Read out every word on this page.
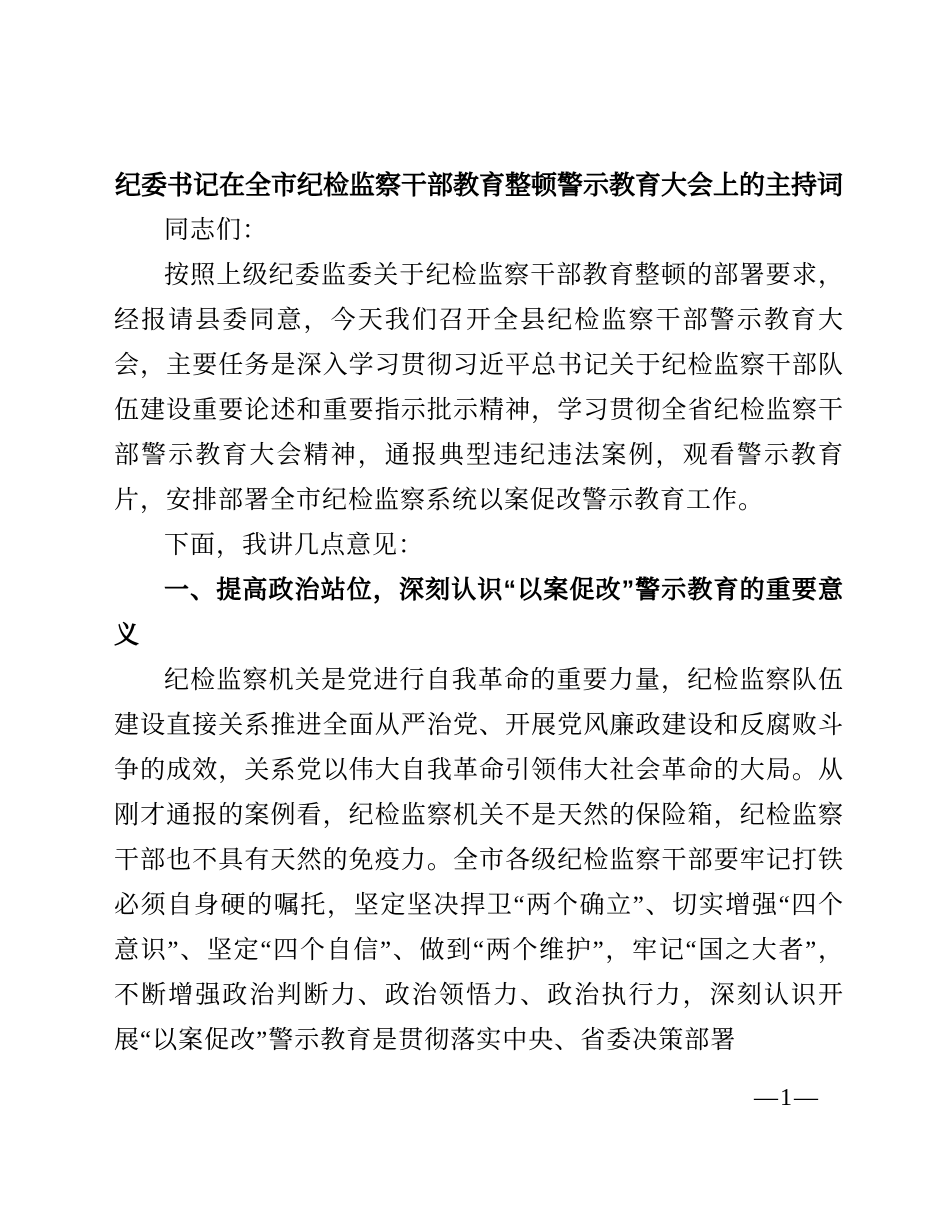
纪委书记在全市纪检监察干部教育整顿警示教育大会上的主持词

同志们：

按照上级纪委监委关于纪检监察干部教育整顿的部署要求，经报请县委同意，今天我们召开全县纪检监察干部警示教育大会，主要任务是深入学习贯彻习近平总书记关于纪检监察干部队伍建设重要论述和重要指示批示精神，学习贯彻全省纪检监察干部警示教育大会精神，通报典型违纪违法案例，观看警示教育片，安排部署全市纪检监察系统以案促改警示教育工作。

下面，我讲几点意见：

一、提高政治站位，深刻认识“以案促改”警示教育的重要意义

纪检监察机关是党进行自我革命的重要力量，纪检监察队伍建设直接关系推进全面从严治党、开展党风廉政建设和反腐败斗争的成效，关系党以伟大自我革命引领伟大社会革命的大局。从刚才通报的案例看，纪检监察机关不是天然的保险箱，纪检监察干部也不具有天然的免疫力。全市各级纪检监察干部要牢记打铁必须自身硬的嘱托，坚定坚决捍卫“两个确立”、切实增强“四个意识”、坚定“四个自信”、做到“两个维护”，牢记“国之大者”，不断增强政治判断力、政治领悟力、政治执行力，深刻认识开展“以案促改”警示教育是贯彻落实中央、省委决策部署

—1—
